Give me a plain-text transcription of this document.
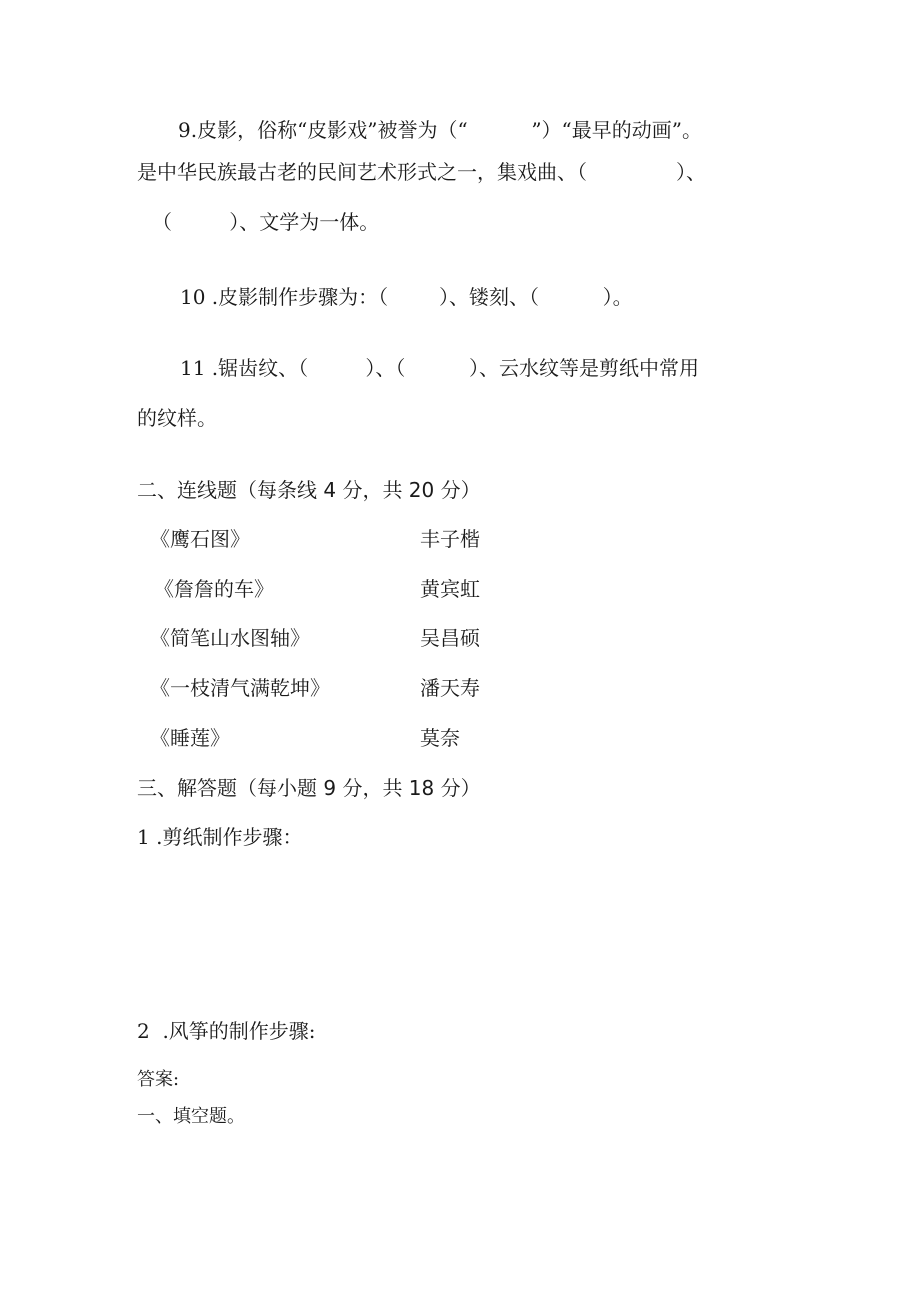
9.皮影，俗称“皮影戏”被誉为（“          ”）“最早的动画”。
是中华民族最古老的民间艺术形式之一，集戏曲、（              ）、
（         ）、文学为一体。
10 .皮影制作步骤为：（        ）、镂刻、（          ）。
11 .锯齿纹、（         ）、（          ）、云水纹等是剪纸中常用
的纹样。
二、连线题（每条线 4 分，共 20 分）
《鹰石图》
《詹詹的车》
《简笔山水图轴》
《一枝清气满乾坤》
《睡莲》
丰子楷
黄宾虹
吴昌硕
潘天寿
莫奈
三、解答题（每小题 9 分，共 18 分）
1 .剪纸制作步骤：
2  .风筝的制作步骤:
答案:
一、填空题。
